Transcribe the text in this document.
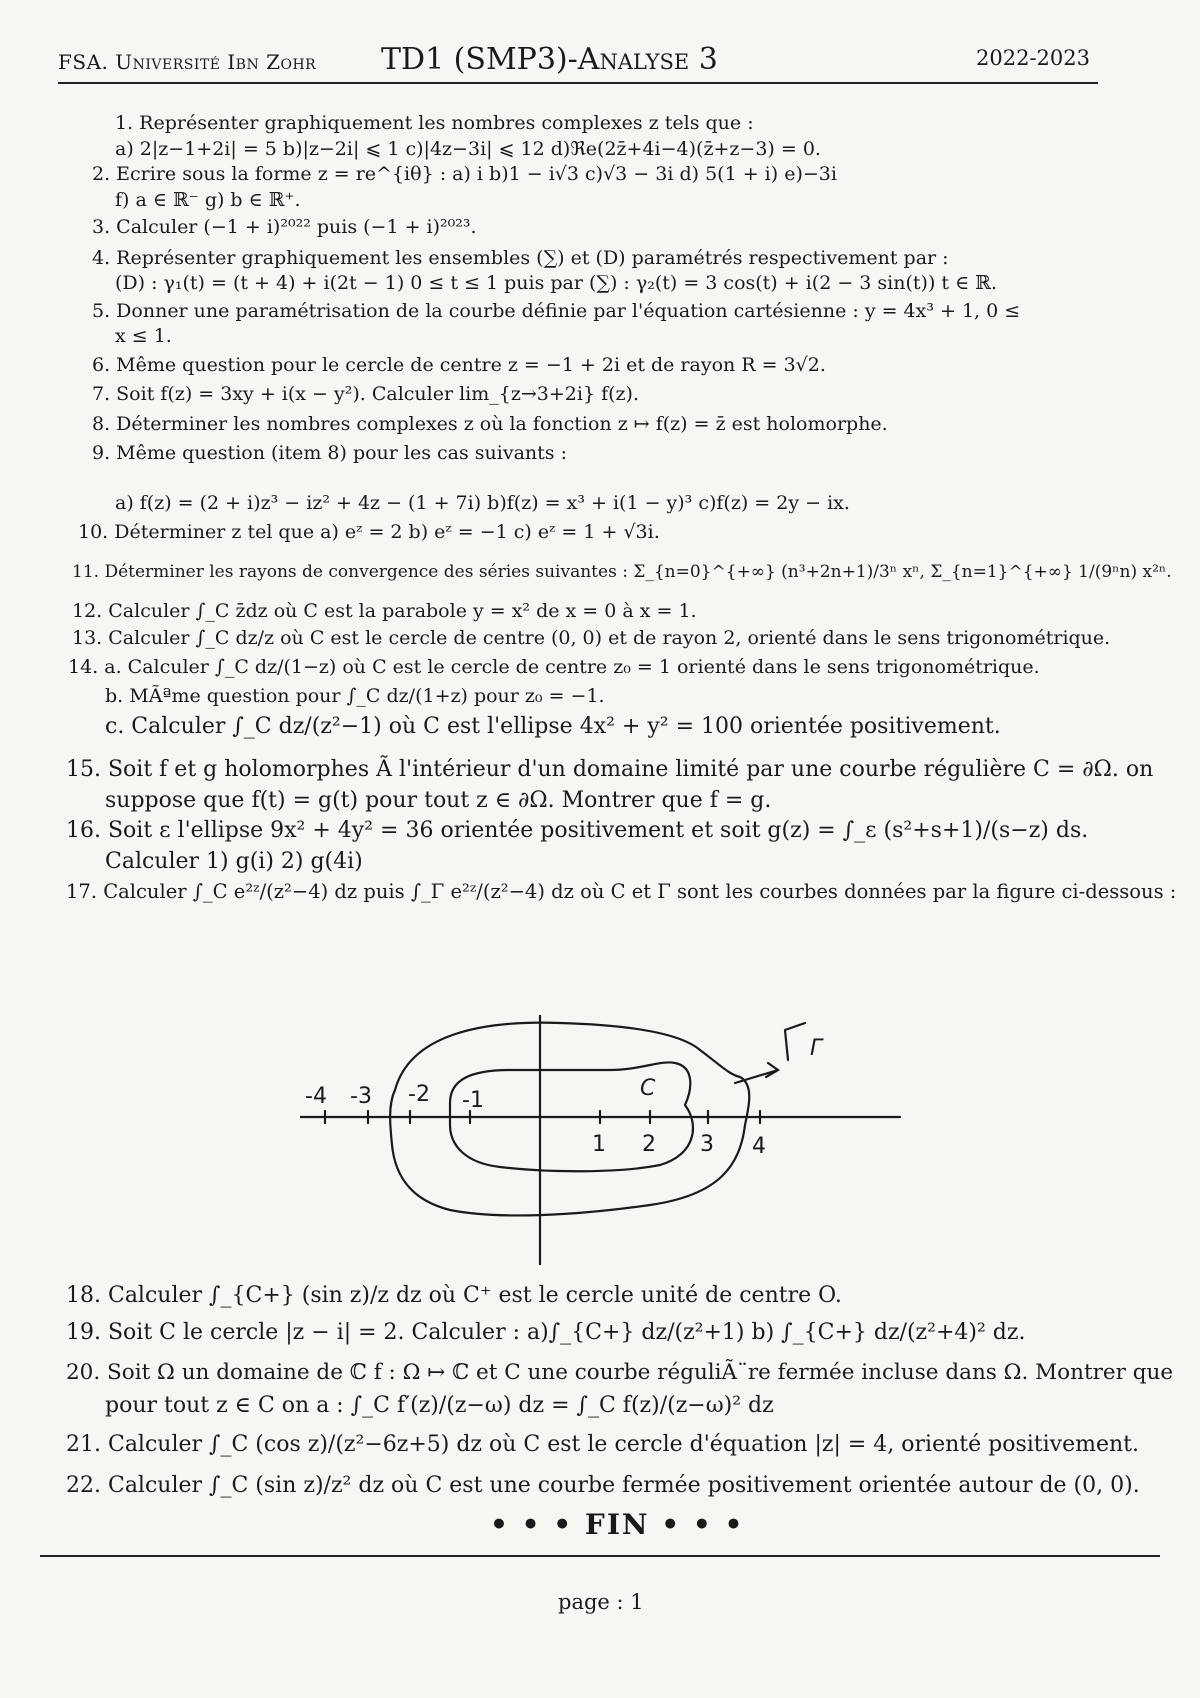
FSA. Université Ibn Zohr TD1 (SMP3)-Analyse 3	2022-2023
1. Représenter graphiquement les nombres complexes z tels que :
a) 2|z−1+2i| = 5 b)|z−2i| ⩽ 1 c)|4z−3i| ⩽ 12 d)ℜe(2z̄+4i−4)(z̄+z−3) = 0.
2. Ecrire sous la forme z = re^{iθ} : a) i b)1 − i√3 c)√3 − 3i d) 5(1 + i) e)−3i
f) a ∈ ℝ⁻ g) b ∈ ℝ⁺.
3. Calculer (−1 + i)²⁰²² puis (−1 + i)²⁰²³.
4. Représenter graphiquement les ensembles (∑) et (D) paramétrés respectivement par :
(D) : γ₁(t) = (t + 4) + i(2t − 1) 0 ≤ t ≤ 1 puis par (∑) : γ₂(t) = 3 cos(t) + i(2 − 3 sin(t)) t ∈ ℝ.
5. Donner une paramétrisation de la courbe définie par l'équation cartésienne : y = 4x³ + 1, 0 ≤
x ≤ 1.
6. Même question pour le cercle de centre z = −1 + 2i et de rayon R = 3√2.
7. Soit f(z) = 3xy + i(x − y²). Calculer lim_{z→3+2i} f(z).
8. Déterminer les nombres complexes z où la fonction z ↦ f(z) = z̄ est holomorphe.
9. Même question (item 8) pour les cas suivants :
a) f(z) = (2 + i)z³ − iz² + 4z − (1 + 7i) b)f(z) = x³ + i(1 − y)³ c)f(z) = 2y − ix.
10. Déterminer z tel que a) eᶻ = 2 b) eᶻ = −1 c) eᶻ = 1 + √3i.
11. Déterminer les rayons de convergence des séries suivantes : Σ_{n=0}^{+∞} (n³+2n+1)/3ⁿ xⁿ, Σ_{n=1}^{+∞} 1/(9ⁿn) x²ⁿ.
12. Calculer ∫_C z̄dz où C est la parabole y = x² de x = 0 à x = 1.
13. Calculer ∫_C dz/z où C est le cercle de centre (0, 0) et de rayon 2, orienté dans le sens trigonométrique.
14. a. Calculer ∫_C dz/(1−z) où C est le cercle de centre z₀ = 1 orienté dans le sens trigonométrique.
b. MÃªme question pour ∫_C dz/(1+z) pour z₀ = −1.
c. Calculer ∫_C dz/(z²−1) où C est l'ellipse 4x² + y² = 100 orientée positivement.
15. Soit f et g holomorphes Ã l'intérieur d'un domaine limité par une courbe régulière C = ∂Ω. on
suppose que f(t) = g(t) pour tout z ∈ ∂Ω. Montrer que f = g.
16. Soit ε l'ellipse 9x² + 4y² = 36 orientée positivement et soit g(z) = ∫_ε (s²+s+1)/(s−z) ds.
Calculer 1) g(i) 2) g(4i)
17. Calculer ∫_C e²ᶻ/(z²−4) dz puis ∫_Γ e²ᶻ/(z²−4) dz où C et Γ sont les courbes données par la figure ci-dessous :
-4 -3 -2 -1
1 2 3 4
C
Γ
18. Calculer ∫_{C+} (sin z)/z dz où C⁺ est le cercle unité de centre O.
19. Soit C le cercle |z − i| = 2. Calculer : a)∫_{C+} dz/(z²+1) b) ∫_{C+} dz/(z²+4)² dz.
20. Soit Ω un domaine de ℂ f : Ω ↦ ℂ et C une courbe réguliÃ¨re fermée incluse dans Ω. Montrer que
pour tout z ∈ C on a : ∫_C f′(z)/(z−ω) dz = ∫_C f(z)/(z−ω)² dz
21. Calculer ∫_C (cos z)/(z²−6z+5) dz où C est le cercle d'équation |z| = 4, orienté positivement.
22. Calculer ∫_C (sin z)/z² dz où C est une courbe fermée positivement orientée autour de (0, 0).
• • • FIN • • •
page : 1
